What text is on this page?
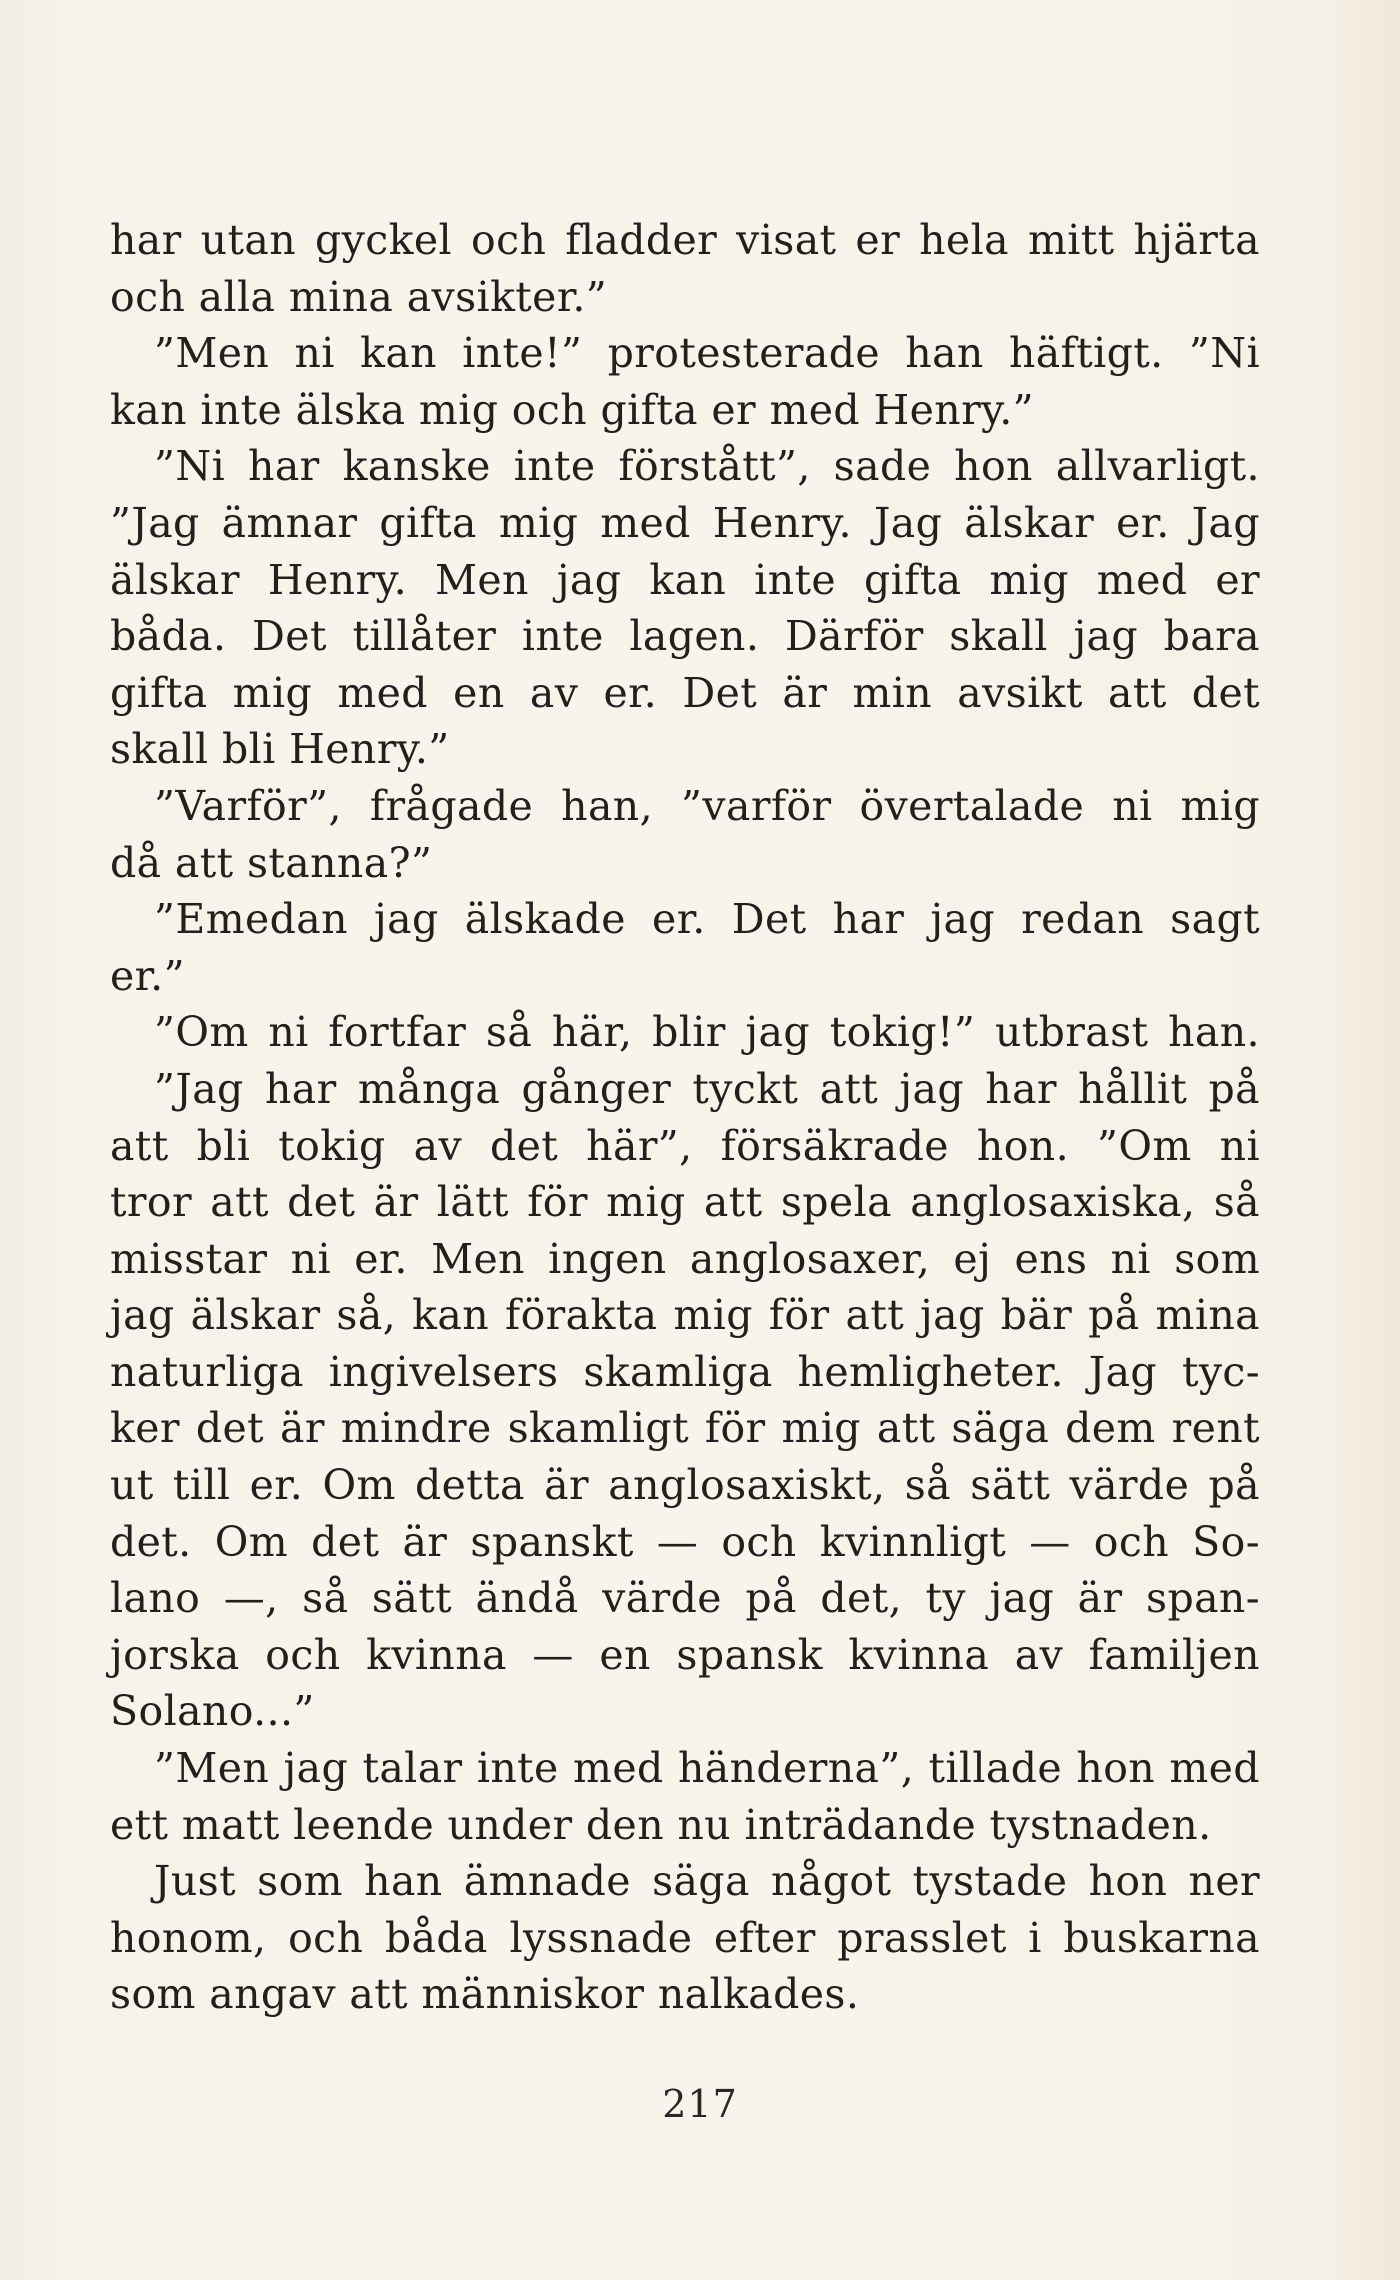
har utan gyckel och fladder visat er hela mitt hjärta
och alla mina avsikter.”
”Men ni kan inte!” protesterade han häftigt. ”Ni
kan inte älska mig och gifta er med Henry.”
”Ni har kanske inte förstått”, sade hon allvarligt.
”Jag ämnar gifta mig med Henry. Jag älskar er. Jag
älskar Henry. Men jag kan inte gifta mig med er
båda. Det tillåter inte lagen. Därför skall jag bara
gifta mig med en av er. Det är min avsikt att det
skall bli Henry.”
”Varför”, frågade han, ”varför övertalade ni mig
då att stanna?”
”Emedan jag älskade er. Det har jag redan sagt
er.”
”Om ni fortfar så här, blir jag tokig!” utbrast han.
”Jag har många gånger tyckt att jag har hållit på
att bli tokig av det här”, försäkrade hon. ”Om ni
tror att det är lätt för mig att spela anglosaxiska, så
misstar ni er. Men ingen anglosaxer, ej ens ni som
jag älskar så, kan förakta mig för att jag bär på mina
naturliga ingivelsers skamliga hemligheter. Jag tyc-
ker det är mindre skamligt för mig att säga dem rent
ut till er. Om detta är anglosaxiskt, så sätt värde på
det. Om det är spanskt — och kvinnligt — och So-
lano —, så sätt ändå värde på det, ty jag är span-
jorska och kvinna — en spansk kvinna av familjen
Solano...”
”Men jag talar inte med händerna”, tillade hon med
ett matt leende under den nu inträdande tystnaden.
Just som han ämnade säga något tystade hon ner
honom, och båda lyssnade efter prasslet i buskarna
som angav att människor nalkades.
217
